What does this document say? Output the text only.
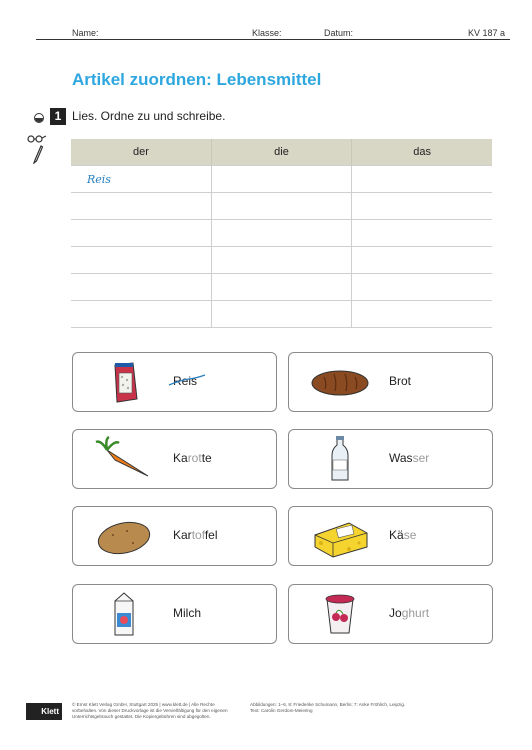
Name:	Klasse:	Datum:	KV 187 a
Artikel zuordnen: Lebensmittel
1 Lies. Ordne zu und schreibe.
der	die	das
Reis		

Reis	Brot
Karotte	Wasser
Kartoffel	Käse
Milch	Joghurt
Klett
© Ernst Klett Verlag GmbH, Stuttgart 2025 | www.klett.de | Alle Rechte vorbehalten. Von dieser Druckvorlage ist die Vervielfältigung für den eigenen Unterrichtsgebrauch gestattet. Die Kopiergebühren sind abgegolten.
Abbildungen: 1–6, 8: Friederike Schumann, Berlin; 7: Anke Fröhlich, Leipzig.
Text: Carolin Gerdom-Meiering
